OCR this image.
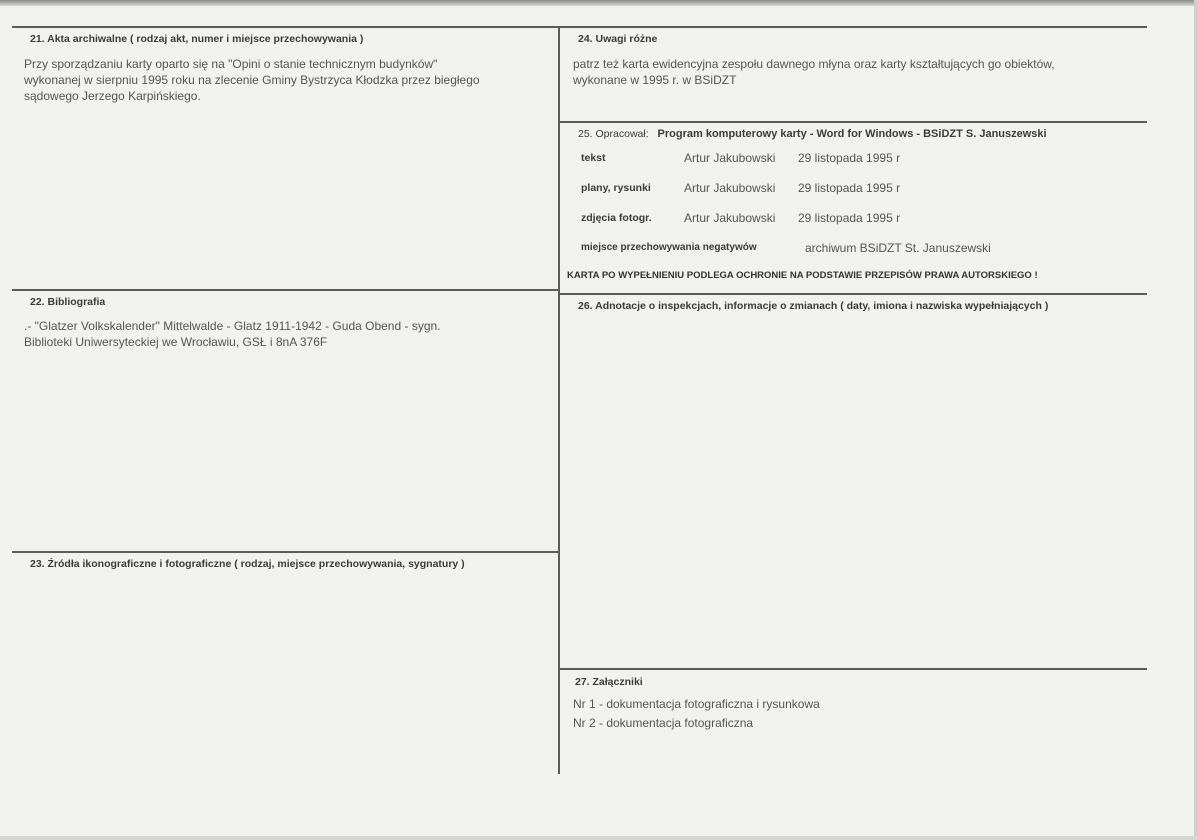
21. Akta archiwalne ( rodzaj akt, numer i miejsce przechowywania )
Przy sporządzaniu karty oparto się na "Opini o stanie technicznym budynków"
wykonanej w sierpniu 1995 roku na zlecenie Gminy Bystrzyca Kłodzka przez biegłego
sądowego Jerzego Karpińskiego.
22. Bibliografia
.- "Glatzer Volkskalender" Mittelwalde - Glatz 1911-1942 - Guda Obend - sygn.
Biblioteki Uniwersyteckiej we Wrocławiu, GSŁ i 8nA 376F
23. Źródła ikonograficzne i fotograficzne ( rodzaj, miejsce przechowywania, sygnatury )
24. Uwagi różne
patrz też karta ewidencyjna zespołu dawnego młyna oraz karty kształtujących go obiektów,
wykonane w 1995 r. w BSiDZT
25. Opracował: Program komputerowy karty - Word for Windows - BSiDZT S. Januszewski
tekst	Artur Jakubowski 29 listopada 1995 r
plany, rysunki	Artur Jakubowski 29 listopada 1995 r
zdjęcia fotogr.	Artur Jakubowski 29 listopada 1995 r
miejsce przechowywania negatywów	archiwum BSiDZT St. Januszewski
KARTA PO WYPEŁNIENIU PODLEGA OCHRONIE NA PODSTAWIE PRZEPISÓW PRAWA AUTORSKIEGO !
26. Adnotacje o inspekcjach, informacje o zmianach ( daty, imiona i nazwiska wypełniających )
27. Załączniki
Nr 1 - dokumentacja fotograficzna i rysunkowa
Nr 2 - dokumentacja fotograficzna
